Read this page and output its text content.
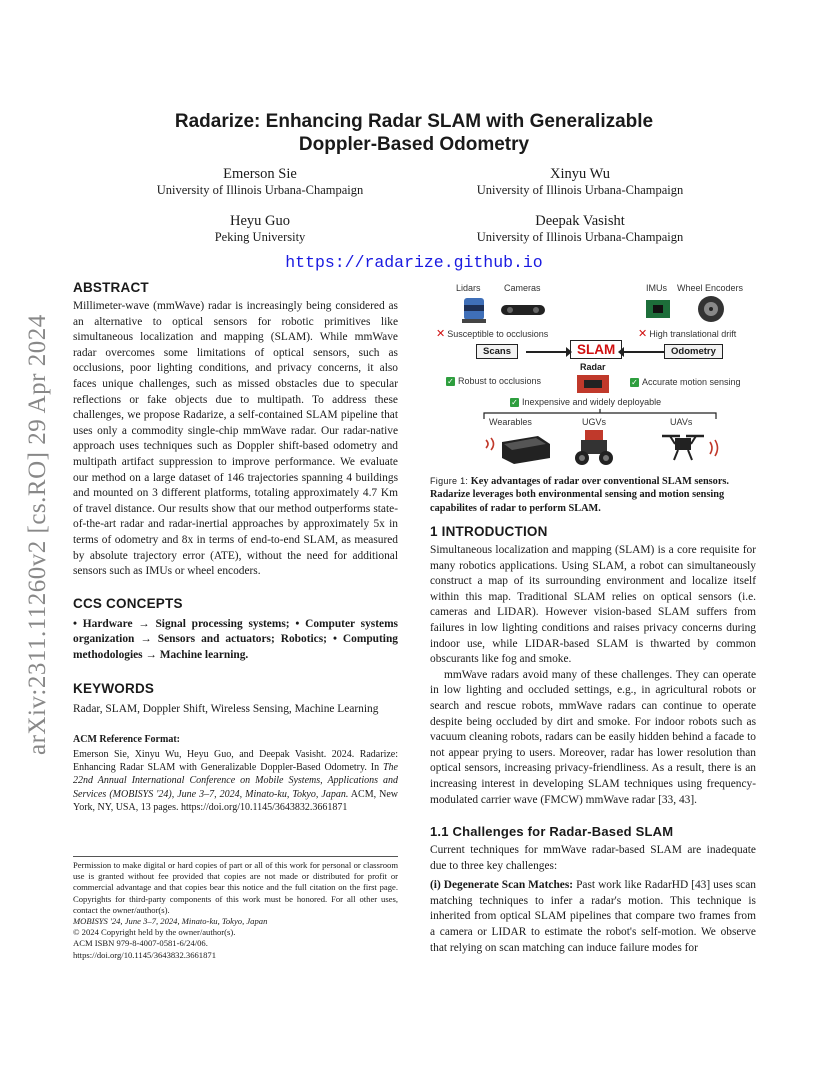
arXiv:2311.11260v2 [cs.RO] 29 Apr 2024
Radarize: Enhancing Radar SLAM with Generalizable
Doppler-Based Odometry
Emerson Sie
University of Illinois Urbana-Champaign
Xinyu Wu
University of Illinois Urbana-Champaign
Heyu Guo
Peking University
Deepak Vasisht
University of Illinois Urbana-Champaign
https://radarize.github.io
ABSTRACT
Millimeter-wave (mmWave) radar is increasingly being considered as an alternative to optical sensors for robotic primitives like simultaneous localization and mapping (SLAM). While mmWave radar overcomes some limitations of optical sensors, such as occlusions, poor lighting conditions, and privacy concerns, it also faces unique challenges, such as missed obstacles due to specular reflections or fake objects due to multipath. To address these challenges, we propose Radarize, a self-contained SLAM pipeline that uses only a commodity single-chip mmWave radar. Our radar-native approach uses techniques such as Doppler shift-based odometry and multipath artifact suppression to improve performance. We evaluate our method on a large dataset of 146 trajectories spanning 4 buildings and mounted on 3 different platforms, totaling approximately 4.7 Km of travel distance. Our results show that our method outperforms state-of-the-art radar and radar-inertial approaches by approximately 5x in terms of odometry and 8x in terms of end-to-end SLAM, as measured by absolute trajectory error (ATE), without the need for additional sensors such as IMUs or wheel encoders.
CCS CONCEPTS
• Hardware → Signal processing systems; • Computer systems organization → Sensors and actuators; Robotics; • Computing methodologies → Machine learning.
KEYWORDS
Radar, SLAM, Doppler Shift, Wireless Sensing, Machine Learning
ACM Reference Format:
Emerson Sie, Xinyu Wu, Heyu Guo, and Deepak Vasisht. 2024. Radarize: Enhancing Radar SLAM with Generalizable Doppler-Based Odometry. In The 22nd Annual International Conference on Mobile Systems, Applications and Services (MOBISYS '24), June 3–7, 2024, Minato-ku, Tokyo, Japan. ACM, New York, NY, USA, 13 pages. https://doi.org/10.1145/3643832.3661871
Permission to make digital or hard copies of part or all of this work for personal or classroom use is granted without fee provided that copies are not made or distributed for profit or commercial advantage and that copies bear this notice and the full citation on the first page. Copyrights for third-party components of this work must be honored. For all other uses, contact the owner/author(s).
MOBISYS '24, June 3–7, 2024, Minato-ku, Tokyo, Japan
© 2024 Copyright held by the owner/author(s).
ACM ISBN 979-8-4007-0581-6/24/06.
https://doi.org/10.1145/3643832.3661871
Lidars	Cameras	IMUs Wheel Encoders
✕ Susceptible to occlusions	✕ High translational drift
Scans	SLAM	Odometry
Radar
✓ Robust to occlusions	✓ Accurate motion sensing
✓ Inexpensive and widely deployable
Wearables	UGVs	UAVs
Figure 1: Key advantages of radar over conventional SLAM sensors. Radarize leverages both environmental sensing and motion sensing capabilites of radar to perform SLAM.
1 INTRODUCTION
Simultaneous localization and mapping (SLAM) is a core requisite for many robotics applications. Using SLAM, a robot can simultaneously construct a map of its surrounding environment and localize itself within this map. Traditional SLAM relies on optical sensors (i.e. cameras and LIDAR). However vision-based SLAM suffers from failures in low lighting conditions and raises privacy concerns during indoor use, while LIDAR-based SLAM is thwarted by common obscurants like fog and smoke.
mmWave radars avoid many of these challenges. They can operate in low lighting and occluded settings, e.g., in agricultural robots or search and rescue robots, mmWave radars can continue to operate despite being occluded by dirt and smoke. For indoor robots such as vacuum cleaning robots, radars can be easily hidden behind a facade to not appear prying to users. Moreover, radar has lower resolution than optical sensors, increasing privacy-friendliness. As a result, there is an increasing interest in developing SLAM techniques using frequency-modulated carrier wave (FMCW) mmWave radar [33, 43].
1.1 Challenges for Radar-Based SLAM
Current techniques for mmWave radar-based SLAM are inadequate due to three key challenges:
(i) Degenerate Scan Matches: Past work like RadarHD [43] uses scan matching techniques to infer a radar's motion. This technique is inherited from optical SLAM pipelines that compare two frames from a camera or LIDAR to estimate the robot's self-motion. We observe that relying on scan matching can induce failure modes for
